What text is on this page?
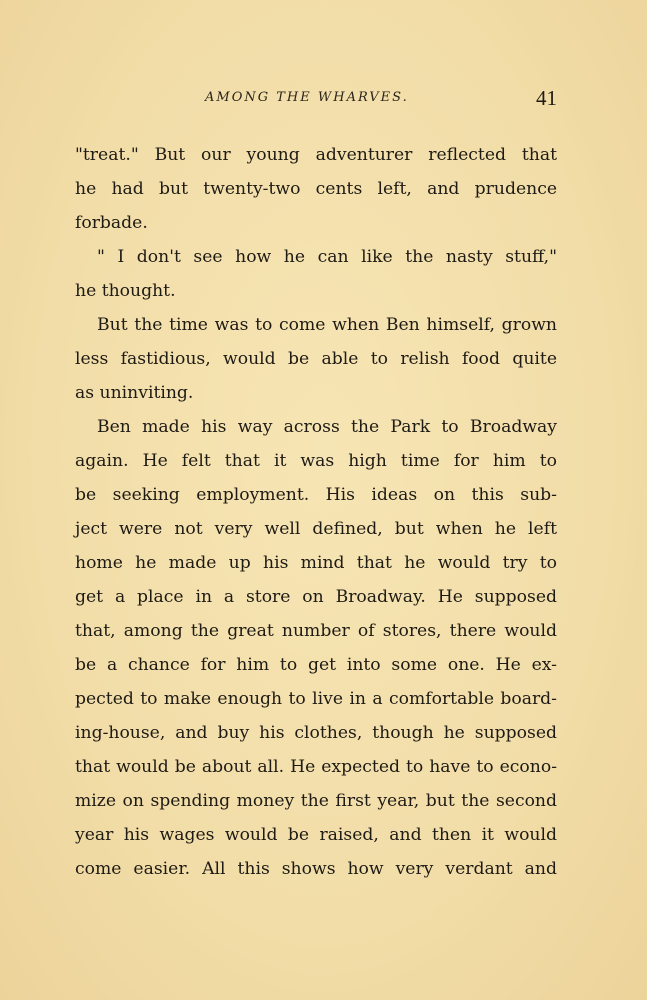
AMONG THE WHARVES.	41
"treat." But our young adventurer reflected that
he had but twenty-two cents left, and prudence
forbade.
" I don't see how he can like the nasty stuff,"
he thought.
But the time was to come when Ben himself, grown
less fastidious, would be able to relish food quite
as uninviting.
Ben made his way across the Park to Broadway
again. He felt that it was high time for him to
be seeking employment. His ideas on this sub-
ject were not very well defined, but when he left
home he made up his mind that he would try to
get a place in a store on Broadway. He supposed
that, among the great number of stores, there would
be a chance for him to get into some one. He ex-
pected to make enough to live in a comfortable board-
ing-house, and buy his clothes, though he supposed
that would be about all. He expected to have to econo-
mize on spending money the first year, but the second
year his wages would be raised, and then it would
come easier. All this shows how very verdant and
